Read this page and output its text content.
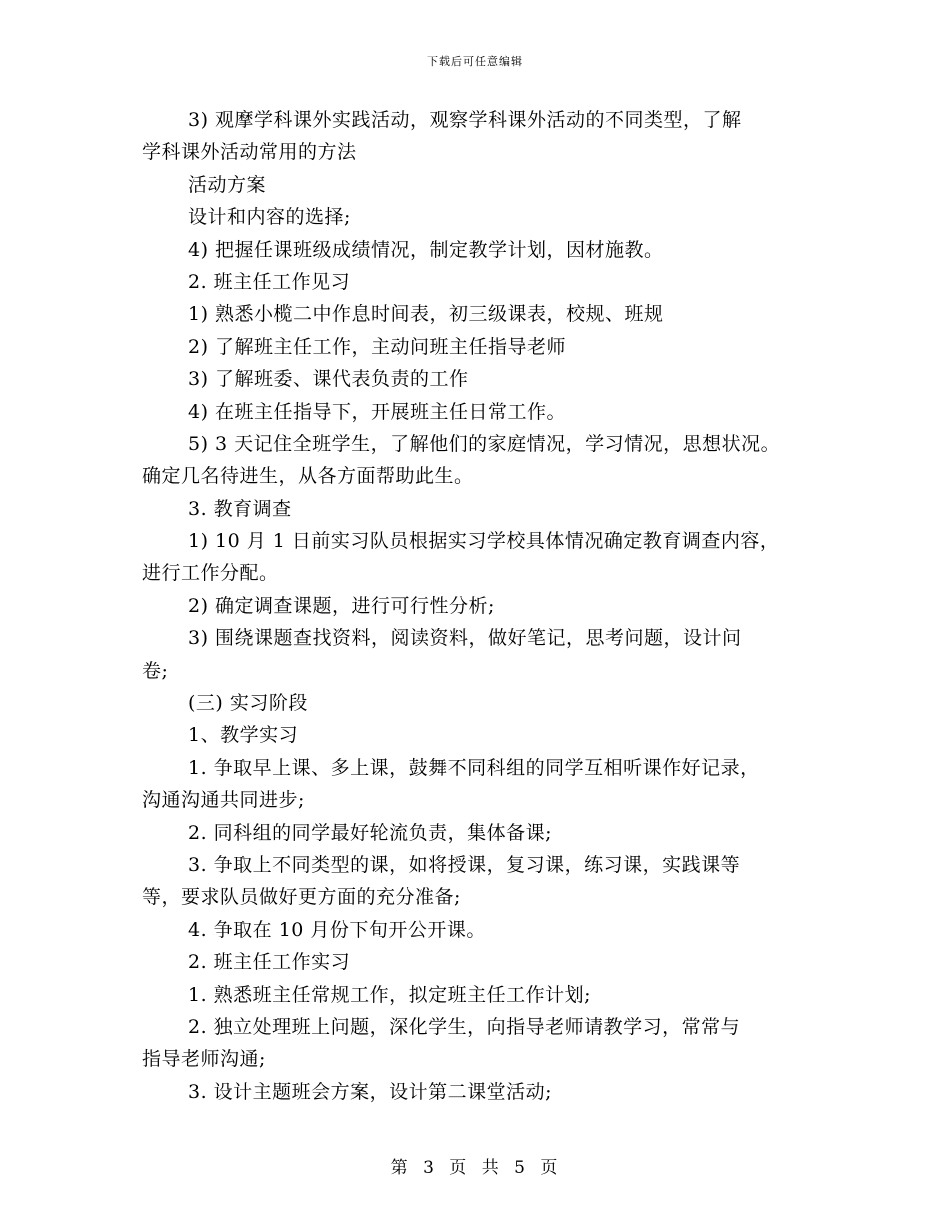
下载后可任意编辑
3) 观摩学科课外实践活动，观察学科课外活动的不同类型，了解
学科课外活动常用的方法
活动方案
设计和内容的选择;
4) 把握任课班级成绩情况，制定教学计划，因材施教。
2. 班主任工作见习
1) 熟悉小榄二中作息时间表，初三级课表，校规、班规
2) 了解班主任工作，主动问班主任指导老师
3) 了解班委、课代表负责的工作
4) 在班主任指导下，开展班主任日常工作。
5) 3 天记住全班学生，了解他们的家庭情况，学习情况，思想状况。
确定几名待进生，从各方面帮助此生。
3. 教育调查
1) 10 月 1 日前实习队员根据实习学校具体情况确定教育调查内容，
进行工作分配。
2) 确定调查课题，进行可行性分析;
3) 围绕课题查找资料，阅读资料，做好笔记，思考问题，设计问
卷;
(三) 实习阶段
1、教学实习
1. 争取早上课、多上课，鼓舞不同科组的同学互相听课作好记录，
沟通沟通共同进步;
2. 同科组的同学最好轮流负责，集体备课;
3. 争取上不同类型的课，如将授课，复习课，练习课，实践课等
等，要求队员做好更方面的充分准备;
4. 争取在 10 月份下旬开公开课。
2. 班主任工作实习
1. 熟悉班主任常规工作，拟定班主任工作计划;
2. 独立处理班上问题，深化学生，向指导老师请教学习，常常与
指导老师沟通;
3. 设计主题班会方案，设计第二课堂活动;
第 3 页 共 5 页
